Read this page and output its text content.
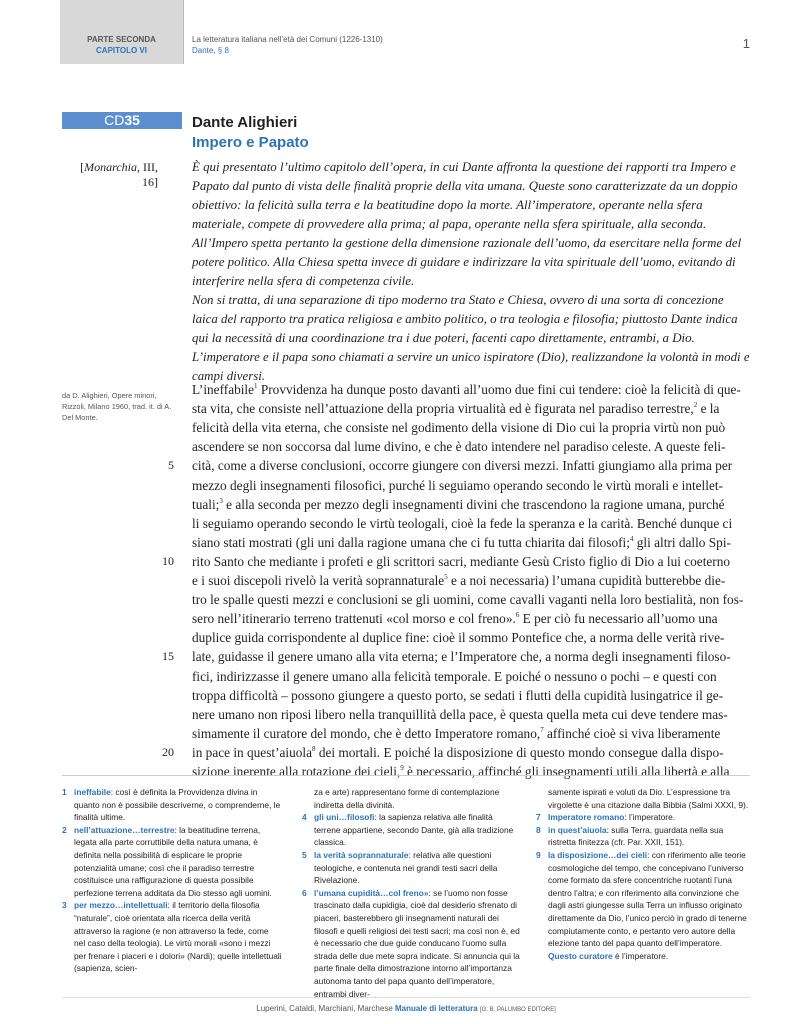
PARTE SECONDA
CAPITOLO VI
La letteratura italiana nell’età dei Comuni (1226-1310)
Dante, § 8	1
CD35	Dante Alighieri
Impero e Papato
[Monarchia, III, 16]

È qui presentato l’ultimo capitolo dell’opera, in cui Dante affronta la questione dei rapporti tra Impero e Papato dal punto di vista delle finalità proprie della vita umana. Queste sono caratterizzate da un doppio obiettivo: la felicità sulla terra e la beatitudine dopo la morte. All’imperatore, operante nella sfera materiale, compete di provvedere alla prima; al papa, operante nella sfera spirituale, alla seconda. All’Impero spetta pertanto la gestione della dimensione razionale dell’uomo, da esercitare nella forme del potere politico. Alla Chiesa spetta invece di guidare e indirizzare la vita spirituale dell’uomo, evitando di interferire nella sfera di competenza civile.

Non si tratta, di una separazione di tipo moderno tra Stato e Chiesa, ovvero di una sorta di concezione laica del rapporto tra pratica religiosa e ambito politico, o tra teologia e filosofia; piuttosto Dante indica qui la necessità di una coordinazione tra i due poteri, facenti capo direttamente, entrambi, a Dio. L’imperatore e il papa sono chiamati a servire un unico ispiratore (Dio), realizzandone la volontà in modi e campi diversi.

da D. Alighieri, Opere minori, Rizzoli, Milano 1960, trad. it. di A. Del Monte.
L’ineffabile$^1$ Provvidenza ha dunque posto davanti all’uomo due fini cui tendere: cioè la felicità di que-
sta vita, che consiste nell’attuazione della propria virtualità ed è figurata nel paradiso terrestre,$^2$ e la
felicità della vita eterna, che consiste nel godimento della visione di Dio cui la propria virtù non può
ascendere se non soccorsa dal lume divino, e che è dato intendere nel paradiso celeste. A queste feli-
cità, come a diverse conclusioni, occorre giungere con diversi mezzi. Infatti giungiamo alla prima per
mezzo degli insegnamenti filosofici, purché li seguiamo operando secondo le virtù morali e intellet-
tuali;$^3$ e alla seconda per mezzo degli insegnamenti divini che trascendono la ragione umana, purché
li seguiamo operando secondo le virtù teologali, cioè la fede la speranza e la carità. Benché dunque ci
siano stati mostrati (gli uni dalla ragione umana che ci fu tutta chiarita dai filosofi;$^4$ gli altri dallo Spi-
rito Santo che mediante i profeti e gli scrittori sacri, mediante Gesù Cristo figlio di Dio a lui coeterno
e i suoi discepoli rivelò la verità soprannaturale$^5$ e a noi necessaria) l’umana cupidità butterebbe die-
tro le spalle questi mezzi e conclusioni se gli uomini, come cavalli vaganti nella loro bestialità, non fos-
sero nell’itinerario terreno trattenuti «col morso e col freno».$^6$ E per ciò fu necessario all’uomo una
duplice guida corrispondente al duplice fine: cioè il sommo Pontefice che, a norma delle verità rive-
late, guidasse il genere umano alla vita eterna; e l’Imperatore che, a norma degli insegnamenti filoso-
fici, indirizzasse il genere umano alla felicità temporale. E poiché o nessuno o pochi – e questi con
troppa difficoltà – possono giungere a questo porto, se sedati i flutti della cupidità lusingatrice il ge-
nere umano non riposi libero nella tranquillità della pace, è questa quella meta cui deve tendere mas-
simamente il curatore del mondo, che è detto Imperatore romano,$^7$ affinché cioè si viva liberamente
in pace in quest’aiuola$^8$ dei mortali. E poiché la disposizione di questo mondo consegue dalla dispo-
sizione inerente alla rotazione dei cieli,$^9$ è necessario, affinché gli insegnamenti utili alla libertà e alla
5
10
15
20
1 ineffabile: così è definita la Provvidenza divina in quanto non è possibile descriverne, o comprenderne, le finalità ultime.
2 nell’attuazione…terrestre: la beatitudine terrena, legata alla parte corruttibile della natura umana, è definita nella possibilità di esplicare le proprie potenzialità umane; così che il paradiso terrestre costituisce una raffigurazione di questa possibile perfezione terrena additata da Dio stesso agli uomini.
3 per mezzo…intellettuali: il territorio della filosofia “naturale”, cioè orientata alla ricerca della verità attraverso la ragione (e non attraverso la fede, come nel caso della teologia). Le virtù morali «sono i mezzi per frenare i piaceri e i dolori» (Nardi); quelle intellettuali (sapienza, scien-
za e arte) rappresentano forme di contemplazione indiretta della divinità.
4 gli uni…filosofi: la sapienza relativa alle finalità terrene appartiene, secondo Dante, già alla tradizione classica.
5 la verità soprannaturale: relativa alle questioni teologiche, e contenuta nei grandi testi sacri della Rivelazione.
6 l’umana cupidità…col freno»: se l’uomo non fosse trascinato dalla cupidigia, cioè dal desiderio sfrenato di piaceri, basterebbero gli insegnamenti naturali dei filosofi e quelli religiosi dei testi sacri; ma così non è, ed è necessario che due guide conducano l’uomo sulla strada delle due mete sopra indicate. Si annuncia qui la parte finale della dimostrazione intorno all’importanza autonoma tanto del papa quanto dell’imperatore, entrambi diver-
samente ispirati e voluti da Dio. L’espressione tra virgolette è una citazione dalla Bibbia (Salmi XXXI, 9).
7 Imperatore romano: l’imperatore.
8 in quest’aiuola: sulla Terra, guardata nella sua ristretta finitezza (cfr. Par. XXII, 151).
9 la disposizione…dei cieli: con riferimento alle teorie cosmologiche del tempo, che concepivano l’universo come formato da sfere concentriche ruotanti l’una dentro l’altra; e con riferimento alla convinzione che dagli astri giungesse sulla Terra un influsso originato direttamente da Dio, l’unico perciò in grado di tenerne compiutamente conto, e pertanto vero autore della elezione tanto del papa quanto dell’imperatore. Questo curatore è l’imperatore.
Luperini, Cataldi, Marchiani, Marchese Manuale di letteratura [G. B. PALUMBO EDITORE]
